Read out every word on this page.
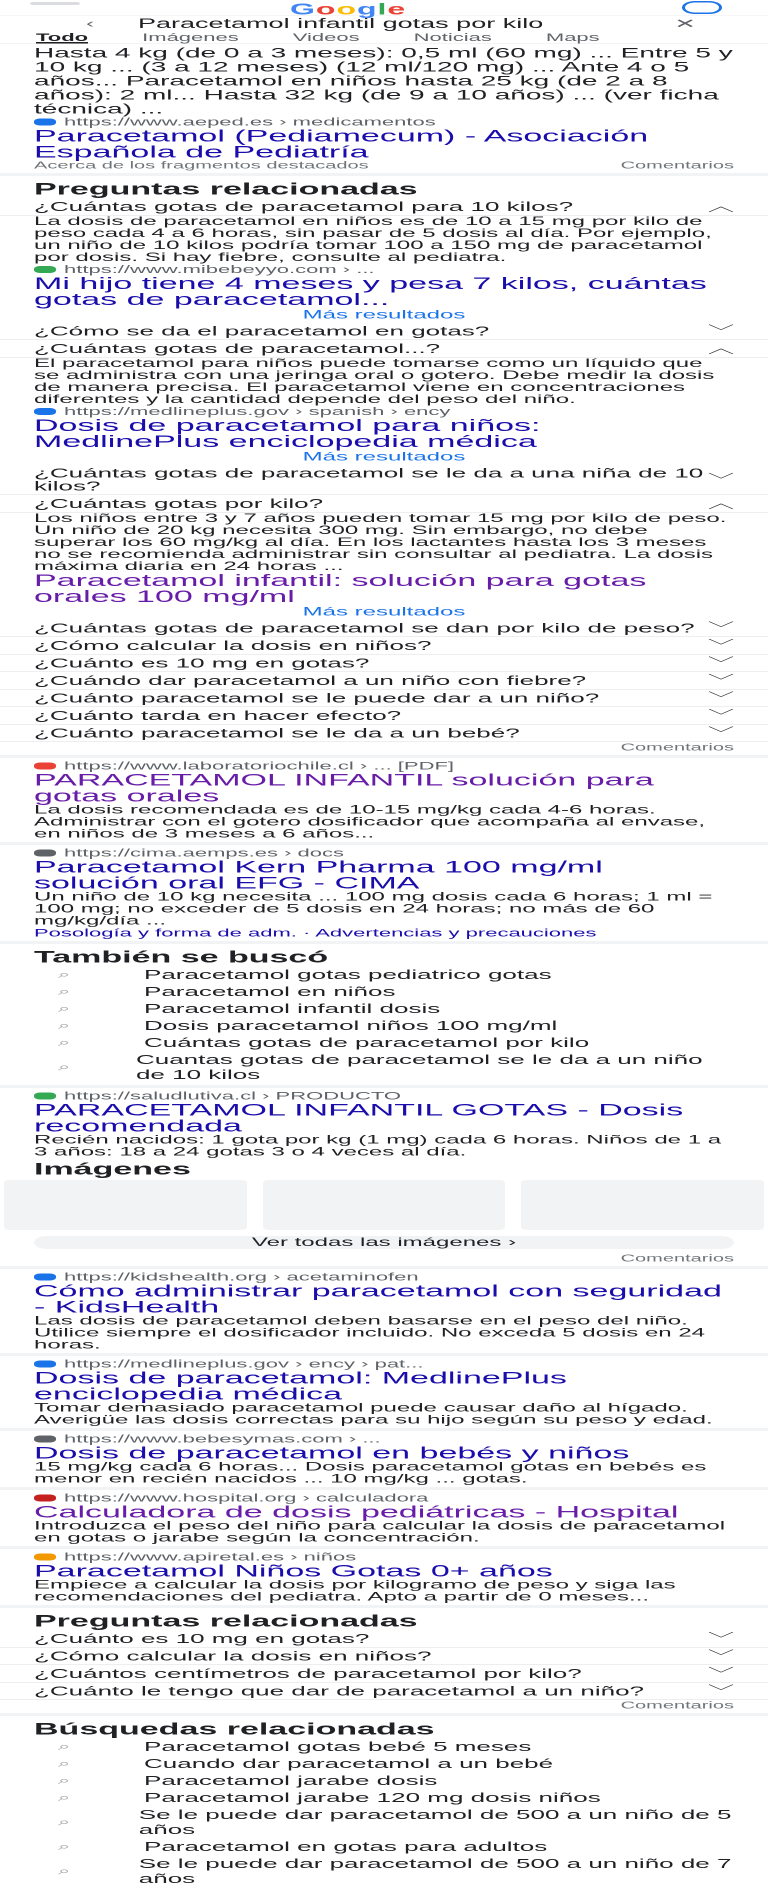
Google
‹ Paracetamol infantil gotas por kilo	✕
Todo Imágenes Videos Noticias Maps
Hasta 4 kg (de 0 a 3 meses): 0,5 ml (60 mg) ... Entre 5 y 10 kg ... (3 a 12 meses) (12 ml/120 mg) ... Ante 4 o 5 años... Paracetamol en niños hasta 25 kg (de 2 a 8 años): 2 ml... Hasta 32 kg (de 9 a 10 años) ... (ver ficha técnica) ...
https://www.aeped.es › medicamentos
Paracetamol (Pediamecum) - Asociación Española de Pediatría
Acerca de los fragmentos destacados	Comentarios
Preguntas relacionadas
¿Cuántas gotas de paracetamol para 10 kilos?	︿
La dosis de paracetamol en niños es de 10 a 15 mg por kilo de peso cada 4 a 6 horas, sin pasar de 5 dosis al día. Por ejemplo, un niño de 10 kilos podría tomar 100 a 150 mg de paracetamol por dosis. Si hay fiebre, consulte al pediatra.
https://www.mibebeyyo.com › ...
Mi hijo tiene 4 meses y pesa 7 kilos, cuántas gotas de paracetamol...
Más resultados
¿Cómo se da el paracetamol en gotas?	﹀
¿Cuántas gotas de paracetamol...?	︿
El paracetamol para niños puede tomarse como un líquido que se administra con una jeringa oral o gotero. Debe medir la dosis de manera precisa. El paracetamol viene en concentraciones diferentes y la cantidad depende del peso del niño.
https://medlineplus.gov › spanish › ency
Dosis de paracetamol para niños: MedlinePlus enciclopedia médica
Más resultados
¿Cuántas gotas de paracetamol se le da a una niña de 10 kilos?	﹀
¿Cuántas gotas por kilo?	︿
Los niños entre 3 y 7 años pueden tomar 15 mg por kilo de peso. Un niño de 20 kg necesita 300 mg. Sin embargo, no debe superar los 60 mg/kg al día. En los lactantes hasta los 3 meses no se recomienda administrar sin consultar al pediatra. La dosis máxima diaria en 24 horas ...
Paracetamol infantil: solución para gotas orales 100 mg/ml
Más resultados
¿Cuántas gotas de paracetamol se dan por kilo de peso? ﹀
¿Cómo calcular la dosis en niños?	﹀
¿Cuánto es 10 mg en gotas?	﹀
¿Cuándo dar paracetamol a un niño con fiebre?	﹀
¿Cuánto paracetamol se le puede dar a un niño?	﹀
¿Cuánto tarda en hacer efecto?	﹀
¿Cuánto paracetamol se le da a un bebé?	﹀
Comentarios
https://www.laboratoriochile.cl › ... [PDF]
PARACETAMOL INFANTIL solución para gotas orales
La dosis recomendada es de 10-15 mg/kg cada 4-6 horas. Administrar con el gotero dosificador que acompaña al envase, en niños de 3 meses a 6 años...
https://cima.aemps.es › docs
Paracetamol Kern Pharma 100 mg/ml solución oral EFG - CIMA
Un niño de 10 kg necesita ... 100 mg dosis cada 6 horas; 1 ml = 100 mg; no exceder de 5 dosis en 24 horas; no más de 60 mg/kg/día ...
Posología y forma de adm. · Advertencias y precauciones
También se buscó
⌕	Paracetamol gotas pediatrico gotas
⌕	Paracetamol en niños
⌕	Paracetamol infantil dosis
⌕	Dosis paracetamol niños 100 mg/ml
⌕	Cuántas gotas de paracetamol por kilo
⌕	Cuantas gotas de paracetamol se le da a un niño de 10 kilos
https://saludlutiva.cl › PRODUCTO
PARACETAMOL INFANTIL GOTAS - Dosis recomendada
Recién nacidos: 1 gota por kg (1 mg) cada 6 horas. Niños de 1 a 3 años: 18 a 24 gotas 3 o 4 veces al día.
Imágenes
Ver todas las imágenes ›
Comentarios
https://kidshealth.org › acetaminofen
Cómo administrar paracetamol con seguridad - KidsHealth
Las dosis de paracetamol deben basarse en el peso del niño. Utilice siempre el dosificador incluido. No exceda 5 dosis en 24 horas.
https://medlineplus.gov › ency › pat...
Dosis de paracetamol: MedlinePlus enciclopedia médica
Tomar demasiado paracetamol puede causar daño al hígado. Averigüe las dosis correctas para su hijo según su peso y edad.
https://www.bebesymas.com › ...
Dosis de paracetamol en bebés y niños
15 mg/kg cada 6 horas... Dosis paracetamol gotas en bebés es menor en recién nacidos ... 10 mg/kg ... gotas.
https://www.hospital.org › calculadora
Calculadora de dosis pediátricas - Hospital
Introduzca el peso del niño para calcular la dosis de paracetamol en gotas o jarabe según la concentración.
https://www.apiretal.es › niños
Paracetamol Niños Gotas 0+ años
Empiece a calcular la dosis por kilogramo de peso y siga las recomendaciones del pediatra. Apto a partir de 0 meses...
Preguntas relacionadas
¿Cuánto es 10 mg en gotas?	﹀
¿Cómo calcular la dosis en niños?	﹀
¿Cuántos centímetros de paracetamol por kilo?	﹀
¿Cuánto le tengo que dar de paracetamol a un niño? ﹀
Comentarios
Búsquedas relacionadas
⌕	Paracetamol gotas bebé 5 meses
⌕	Cuando dar paracetamol a un bebé
⌕	Paracetamol jarabe dosis
⌕	Paracetamol jarabe 120 mg dosis niños
⌕	Se le puede dar paracetamol de 500 a un niño de 5 años
⌕	Paracetamol en gotas para adultos
⌕	Se le puede dar paracetamol de 500 a un niño de 7 años
